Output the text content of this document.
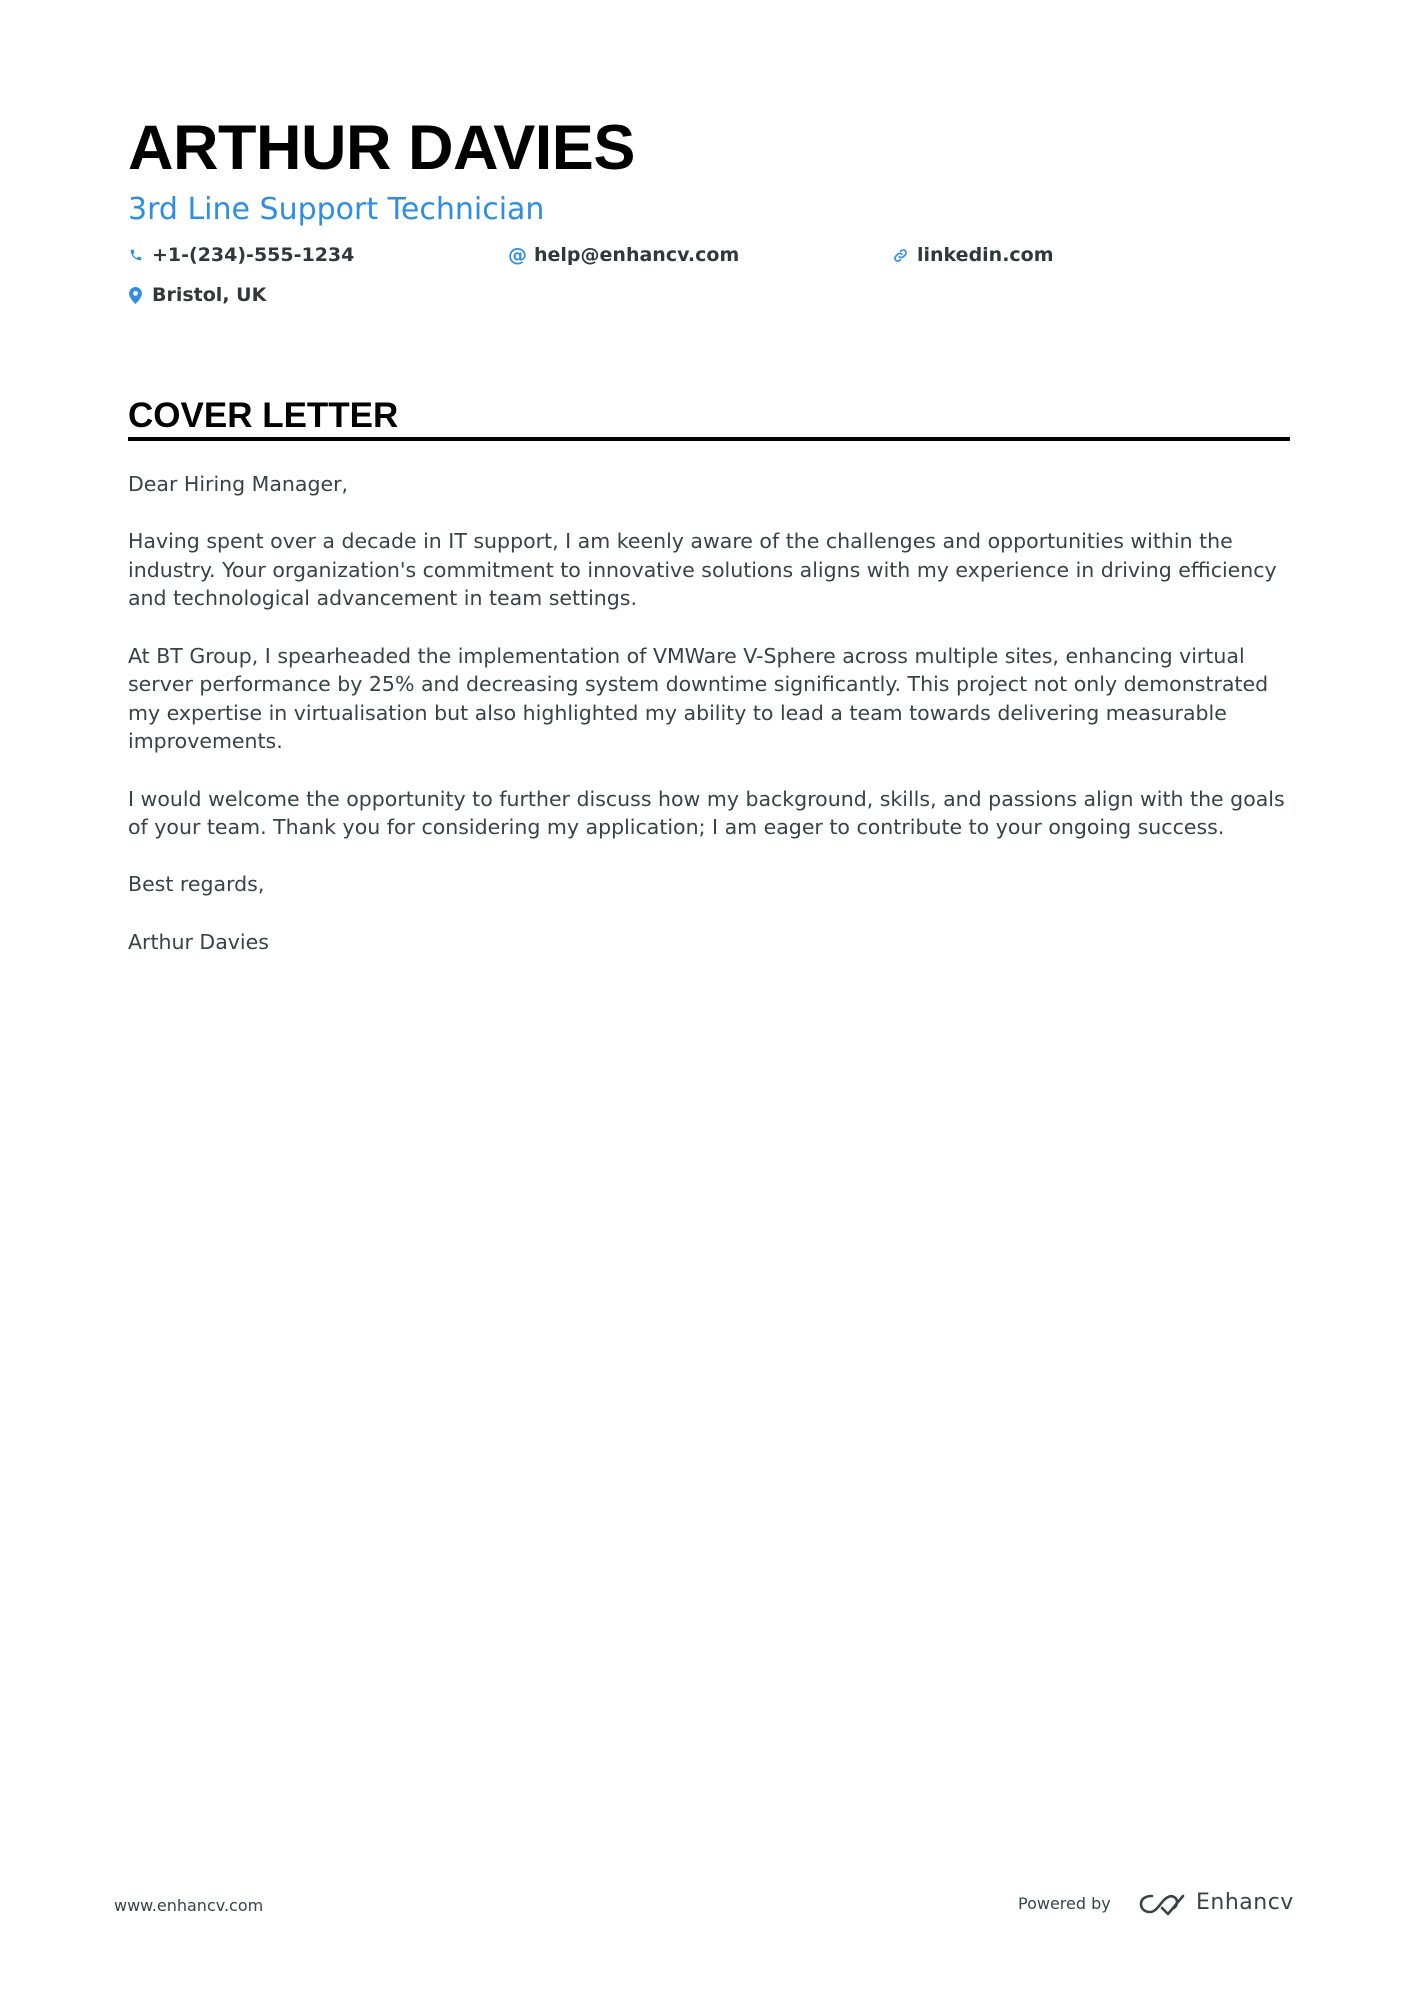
ARTHUR DAVIES
3rd Line Support Technician
+1-(234)-555-1234	@ help@enhancv.com	linkedin.com
Bristol, UK
COVER LETTER

Dear Hiring Manager,

Having spent over a decade in IT support, I am keenly aware of the challenges and opportunities within the industry. Your organization's commitment to innovative solutions aligns with my experience in driving efficiency and technological advancement in team settings.

At BT Group, I spearheaded the implementation of VMWare V-Sphere across multiple sites, enhancing virtual server performance by 25% and decreasing system downtime significantly. This project not only demonstrated my expertise in virtualisation but also highlighted my ability to lead a team towards delivering measurable improvements.

I would welcome the opportunity to further discuss how my background, skills, and passions align with the goals of your team. Thank you for considering my application; I am eager to contribute to your ongoing success.

Best regards,

Arthur Davies

www.enhancv.com	Powered by	Enhancv
